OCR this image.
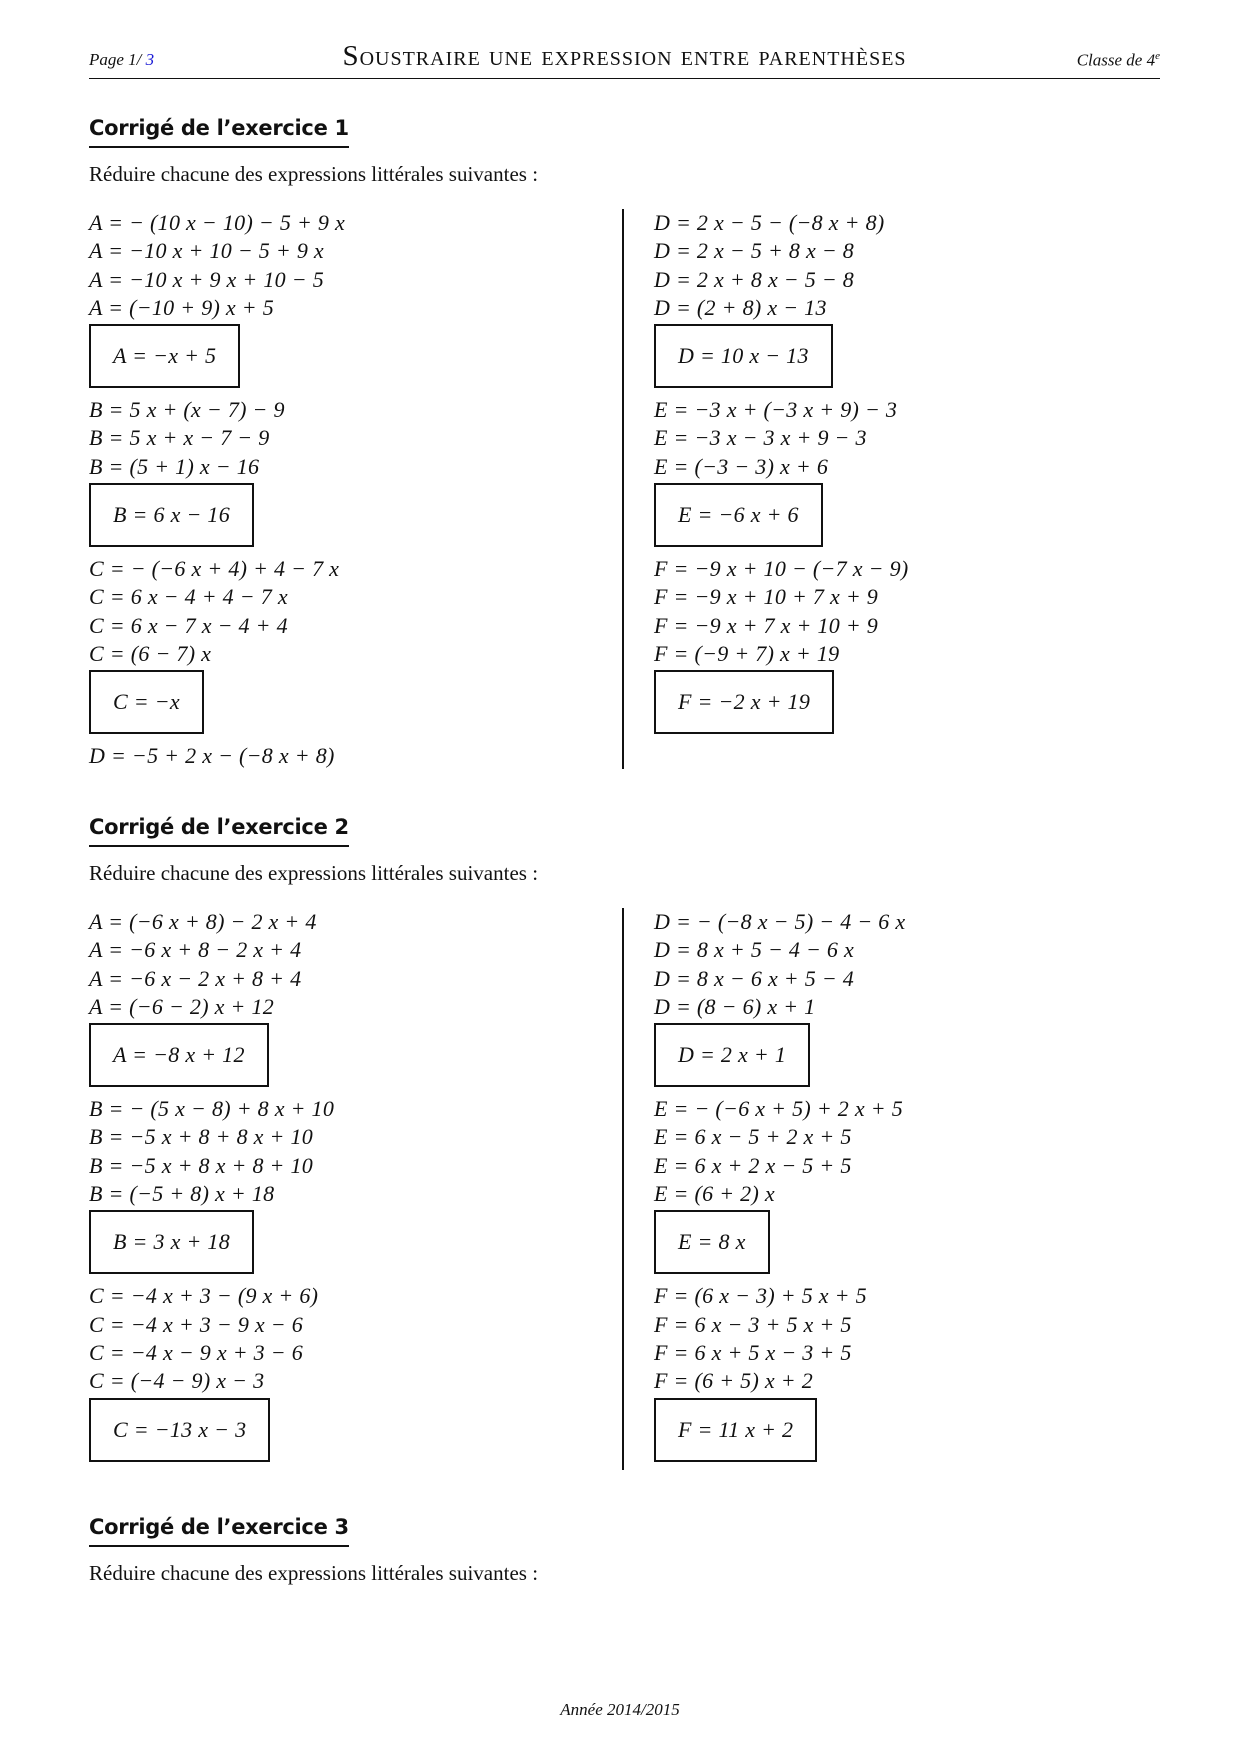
Page 1/ 3	Soustraire une expression entre parenthèses	Classe de 4e
Corrigé de l’exercice 1
Réduire chacune des expressions littérales suivantes :
A = − (10 x − 10) − 5 + 9 x
A = −10 x + 10 − 5 + 9 x
A = −10 x + 9 x + 10 − 5
A = (−10 + 9) x + 5
A = −x + 5
B = 5 x + (x − 7) − 9
B = 5 x + x − 7 − 9
B = (5 + 1) x − 16
B = 6 x − 16
C = − (−6 x + 4) + 4 − 7 x
C = 6 x − 4 + 4 − 7 x
C = 6 x − 7 x − 4 + 4
C = (6 − 7) x
C = −x
D = −5 + 2 x − (−8 x + 8)
D = 2 x − 5 − (−8 x + 8)
D = 2 x − 5 + 8 x − 8
D = 2 x + 8 x − 5 − 8
D = (2 + 8) x − 13
D = 10 x − 13
E = −3 x + (−3 x + 9) − 3
E = −3 x − 3 x + 9 − 3
E = (−3 − 3) x + 6
E = −6 x + 6
F = −9 x + 10 − (−7 x − 9)
F = −9 x + 10 + 7 x + 9
F = −9 x + 7 x + 10 + 9
F = (−9 + 7) x + 19
F = −2 x + 19
Corrigé de l’exercice 2
Réduire chacune des expressions littérales suivantes :
A = (−6 x + 8) − 2 x + 4
A = −6 x + 8 − 2 x + 4
A = −6 x − 2 x + 8 + 4
A = (−6 − 2) x + 12
A = −8 x + 12
B = − (5 x − 8) + 8 x + 10
B = −5 x + 8 + 8 x + 10
B = −5 x + 8 x + 8 + 10
B = (−5 + 8) x + 18
B = 3 x + 18
C = −4 x + 3 − (9 x + 6)
C = −4 x + 3 − 9 x − 6
C = −4 x − 9 x + 3 − 6
C = (−4 − 9) x − 3
C = −13 x − 3
D = − (−8 x − 5) − 4 − 6 x
D = 8 x + 5 − 4 − 6 x
D = 8 x − 6 x + 5 − 4
D = (8 − 6) x + 1
D = 2 x + 1
E = − (−6 x + 5) + 2 x + 5
E = 6 x − 5 + 2 x + 5
E = 6 x + 2 x − 5 + 5
E = (6 + 2) x
E = 8 x
F = (6 x − 3) + 5 x + 5
F = 6 x − 3 + 5 x + 5
F = 6 x + 5 x − 3 + 5
F = (6 + 5) x + 2
F = 11 x + 2
Corrigé de l’exercice 3
Réduire chacune des expressions littérales suivantes :
Année 2014/2015
